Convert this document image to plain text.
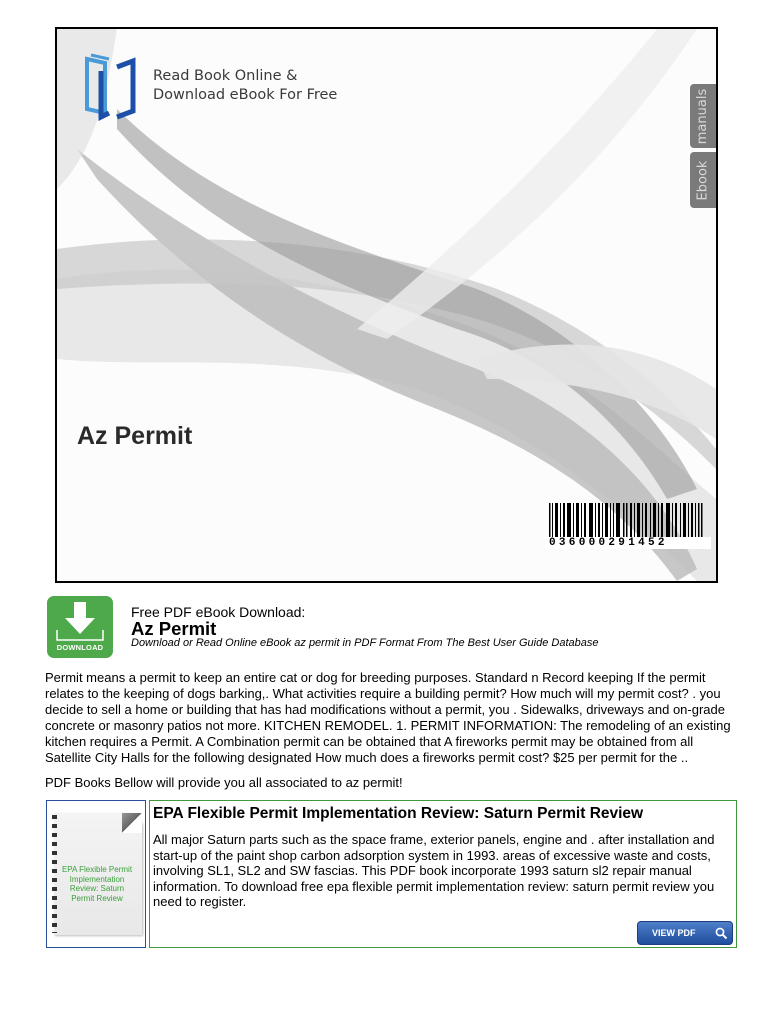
Read Book Online &
Download eBook For Free	manuals
Ebook
Az Permit
036000291452
DOWNLOAD
Free PDF eBook Download:
Az Permit
Download or Read Online eBook az permit in PDF Format From The Best User Guide Database
Permit means a permit to keep an entire cat or dog for breeding purposes. Standard n Record keeping If the permit relates to the keeping of dogs barking,. What activities require a building permit? How much will my permit cost? . you decide to sell a home or building that has had modifications without a permit, you . Sidewalks, driveways and on-grade concrete or masonry patios not more. KITCHEN REMODEL. 1. PERMIT INFORMATION: The remodeling of an existing kitchen requires a Permit. A Combination permit can be obtained that A fireworks permit may be obtained from all Satellite City Halls for the following designated How much does a fireworks permit cost? $25 per permit for the ..
PDF Books Bellow will provide you all associated to az permit!
EPA Flexible Permit Implementation Review: Saturn Permit Review
EPA Flexible Permit Implementation Review: Saturn Permit Review
All major Saturn parts such as the space frame, exterior panels, engine and . after installation and start-up of the paint shop carbon adsorption system in 1993. areas of excessive waste and costs, involving SL1, SL2 and SW fascias. This PDF book incorporate 1993 saturn sl2 repair manual information. To download free epa flexible permit implementation review: saturn permit review you need to register.
VIEW PDF
